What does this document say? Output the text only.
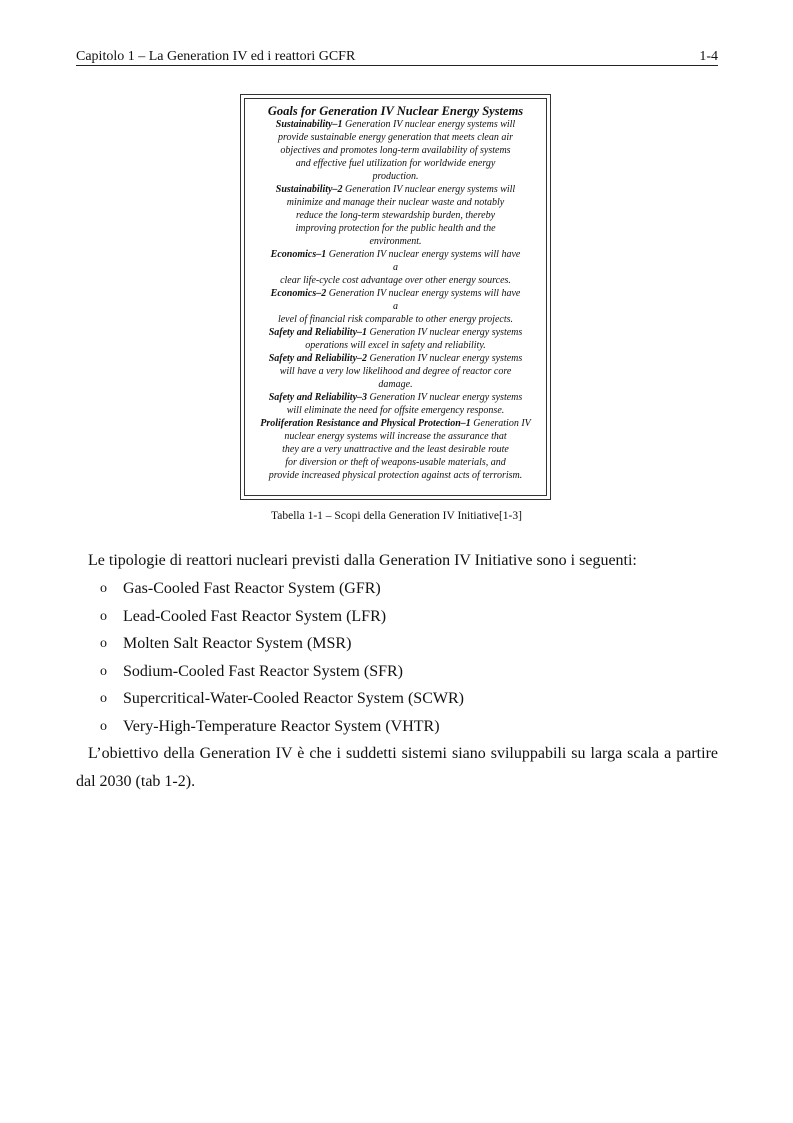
Capitolo 1 – La Generation IV ed i reattori GCFR	1-4
Goals for Generation IV Nuclear Energy Systems
Sustainability–1 Generation IV nuclear energy systems will
provide sustainable energy generation that meets clean air
objectives and promotes long-term availability of systems
and effective fuel utilization for worldwide energy
production.
Sustainability–2 Generation IV nuclear energy systems will
minimize and manage their nuclear waste and notably
reduce the long-term stewardship burden, thereby
improving protection for the public health and the
environment.
Economics–1 Generation IV nuclear energy systems will have
a
clear life-cycle cost advantage over other energy sources.
Economics–2 Generation IV nuclear energy systems will have
a
level of financial risk comparable to other energy projects.
Safety and Reliability–1 Generation IV nuclear energy systems
operations will excel in safety and reliability.
Safety and Reliability–2 Generation IV nuclear energy systems
will have a very low likelihood and degree of reactor core
damage.
Safety and Reliability–3 Generation IV nuclear energy systems
will eliminate the need for offsite emergency response.
Proliferation Resistance and Physical Protection–1 Generation IV
nuclear energy systems will increase the assurance that
they are a very unattractive and the least desirable route
for diversion or theft of weapons-usable materials, and
provide increased physical protection against acts of terrorism.
Tabella 1-1 – Scopi della Generation IV Initiative[1-3]
Le tipologie di reattori nucleari previsti dalla Generation IV Initiative sono i seguenti:
o	Gas-Cooled Fast Reactor System (GFR)
o	Lead-Cooled Fast Reactor System (LFR)
o	Molten Salt Reactor System (MSR)
o	Sodium-Cooled Fast Reactor System (SFR)
o	Supercritical-Water-Cooled Reactor System (SCWR)
o	Very-High-Temperature Reactor System (VHTR)
L’obiettivo della Generation IV è che i suddetti sistemi siano sviluppabili su larga scala a partire dal 2030 (tab 1-2).
